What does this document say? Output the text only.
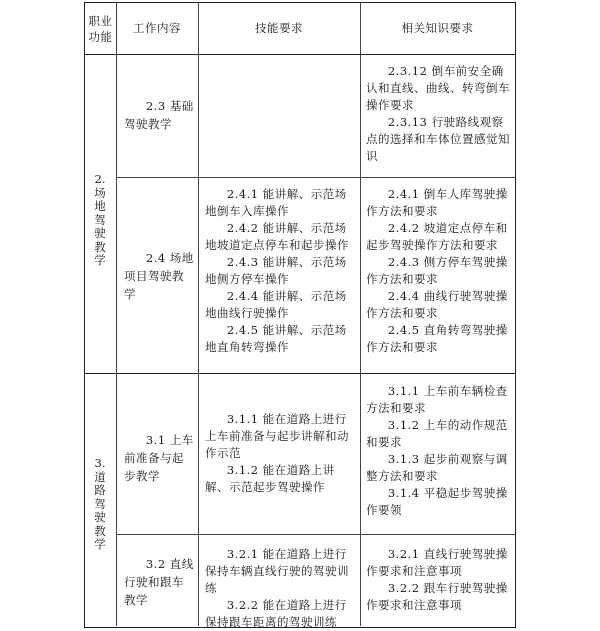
职业
功能
工作内容	技能要求	相关知识要求
2.
场地驾驶教学
3.
道路驾驶教学

2.3 基础驾驶教学

2.3.12 倒车前安全确认和直线、曲线、转弯倒车操作要求

2.3.13 行驶路线观察点的选择和车体位置感觉知识

2.4 场地项目驾驶教学

2.4.1 能讲解、示范场地倒车入库操作

2.4.2 能讲解、示范场地坡道定点停车和起步操作

2.4.3 能讲解、示范场地侧方停车操作

2.4.4 能讲解、示范场地曲线行驶操作

2.4.5 能讲解、示范场地直角转弯操作

2.4.1 倒车人库驾驶操作方法和要求

2.4.2 坡道定点停车和起步驾驶操作方法和要求

2.4.3 侧方停车驾驶操作方法和要求

2.4.4 曲线行驶驾驶操作方法和要求

2.4.5 直角转弯驾驶操作方法和要求

3.1 上车前准备与起步教学

3.1.1 能在道路上进行上车前准备与起步讲解和动作示范

3.1.2 能在道路上讲解、示范起步驾驶操作

3.1.1 上车前车辆检查方法和要求

3.1.2 上车的动作规范和要求

3.1.3 起步前观察与调整方法和要求

3.1.4 平稳起步驾驶操作要领

3.2 直线行驶和跟车教学

3.2.1 能在道路上进行保持车辆直线行驶的驾驶训练

3.2.2 能在道路上进行保持跟车距离的驾驶训练

3.2.1 直线行驶驾驶操作要求和注意事项

3.2.2 跟车行驶驾驶操作要求和注意事项
